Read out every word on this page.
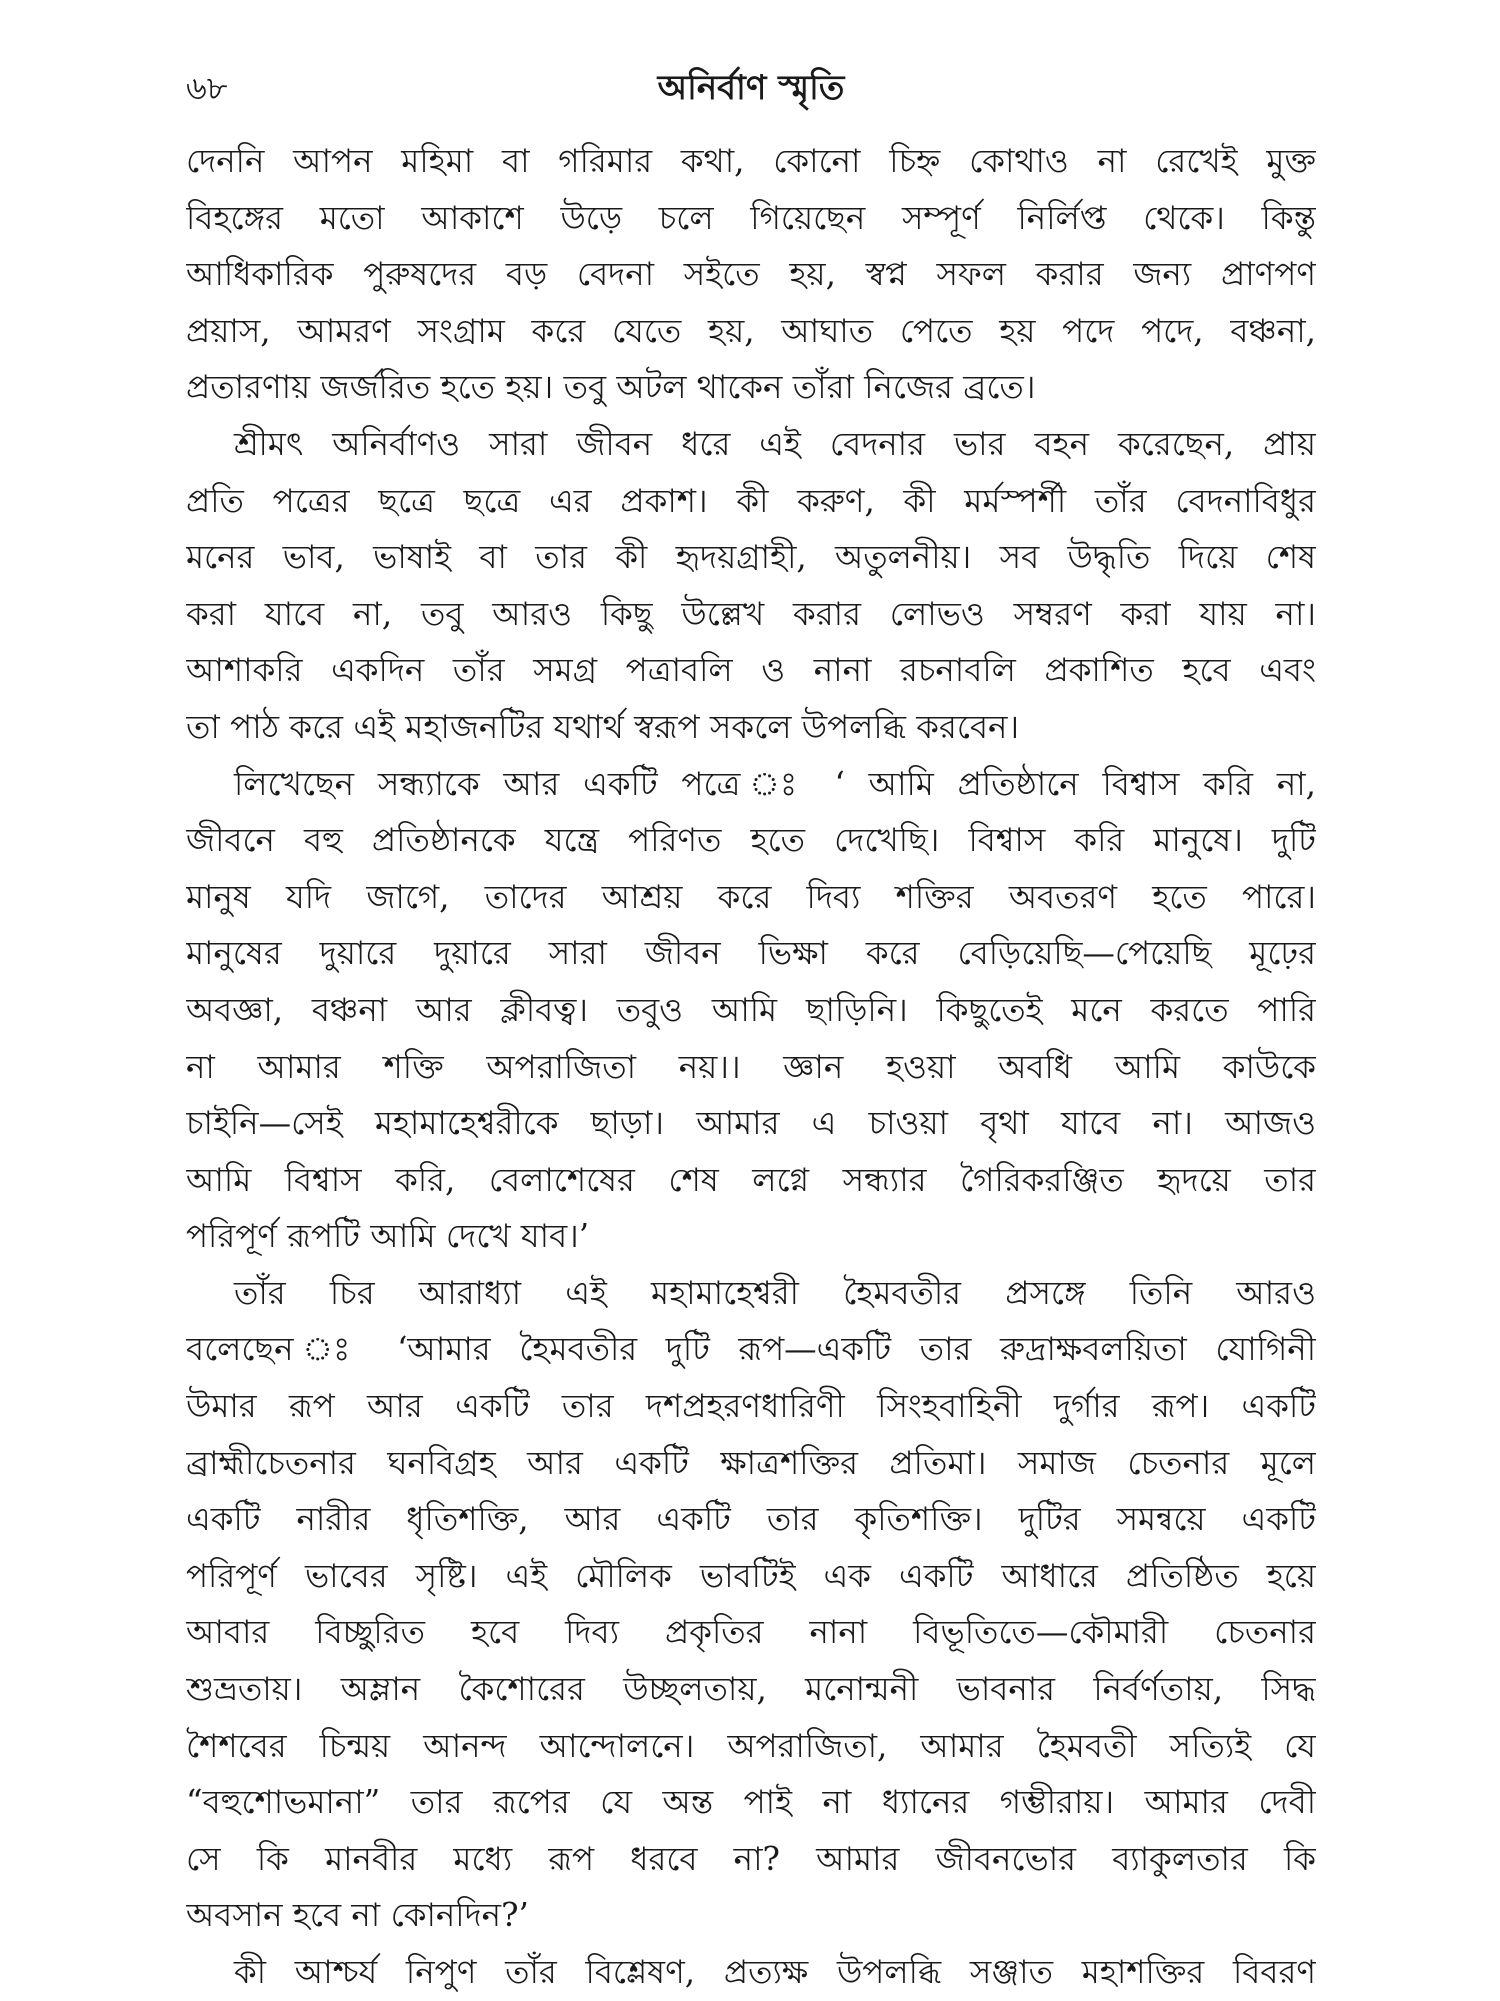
৬৮	অনির্বাণ স্মৃতি
দেননি আপন মহিমা বা গরিমার কথা, কোনো চিহ্ন কোথাও না রেখেই মুক্ত
বিহঙ্গের মতো আকাশে উড়ে চলে গিয়েছেন সম্পূর্ণ নির্লিপ্ত থেকে। কিন্তু
আধিকারিক পুরুষদের বড় বেদনা সইতে হয়, স্বপ্ন সফল করার জন্য প্রাণপণ
প্রয়াস, আমরণ সংগ্রাম করে যেতে হয়, আঘাত পেতে হয় পদে পদে, বঞ্চনা,
প্রতারণায় জর্জরিত হতে হয়। তবু অটল থাকেন তাঁরা নিজের ব্রতে।
শ্রীমৎ অনির্বাণও সারা জীবন ধরে এই বেদনার ভার বহন করেছেন, প্রায়
প্রতি পত্রের ছত্রে ছত্রে এর প্রকাশ। কী করুণ, কী মর্মস্পর্শী তাঁর বেদনাবিধুর
মনের ভাব, ভাষাই বা তার কী হৃদয়গ্রাহী, অতুলনীয়। সব উদ্ধৃতি দিয়ে শেষ
করা যাবে না, তবু আরও কিছু উল্লেখ করার লোভও সম্বরণ করা যায় না।
আশাকরি একদিন তাঁর সমগ্র পত্রাবলি ও নানা রচনাবলি প্রকাশিত হবে এবং
তা পাঠ করে এই মহাজনটির যথার্থ স্বরূপ সকলে উপলব্ধি করবেন।
লিখেছেন সন্ধ্যাকে আর একটি পত্রে ঃ ‘ আমি প্রতিষ্ঠানে বিশ্বাস করি না,
জীবনে বহু প্রতিষ্ঠানকে যন্ত্রে পরিণত হতে দেখেছি। বিশ্বাস করি মানুষে। দুটি
মানুষ যদি জাগে, তাদের আশ্রয় করে দিব্য শক্তির অবতরণ হতে পারে।
মানুষের দুয়ারে দুয়ারে সারা জীবন ভিক্ষা করে বেড়িয়েছি—পেয়েছি মূঢ়ের
অবজ্ঞা, বঞ্চনা আর ক্লীবত্ব। তবুও আমি ছাড়িনি। কিছুতেই মনে করতে পারি
না আমার শক্তি অপরাজিতা নয়।। জ্ঞান হওয়া অবধি আমি কাউকে
চাইনি—সেই মহামাহেশ্বরীকে ছাড়া। আমার এ চাওয়া বৃথা যাবে না। আজও
আমি বিশ্বাস করি, বেলাশেষের শেষ লগ্নে সন্ধ্যার গৈরিকরঞ্জিত হৃদয়ে তার
পরিপূর্ণ রূপটি আমি দেখে যাব।’
তাঁর চির আরাধ্যা এই মহামাহেশ্বরী হৈমবতীর প্রসঙ্গে তিনি আরও
বলেছেন ঃ ‘আমার হৈমবতীর দুটি রূপ—একটি তার রুদ্রাক্ষবলয়িতা যোগিনী
উমার রূপ আর একটি তার দশপ্রহরণধারিণী সিংহবাহিনী দুর্গার রূপ। একটি
ব্রাহ্মীচেতনার ঘনবিগ্রহ আর একটি ক্ষাত্রশক্তির প্রতিমা। সমাজ চেতনার মূলে
একটি নারীর ধৃতিশক্তি, আর একটি তার কৃতিশক্তি। দুটির সমন্বয়ে একটি
পরিপূর্ণ ভাবের সৃষ্টি। এই মৌলিক ভাবটিই এক একটি আধারে প্রতিষ্ঠিত হয়ে
আবার বিচ্ছুরিত হবে দিব্য প্রকৃতির নানা বিভূতিতে—কৌমারী চেতনার
শুভ্রতায়। অম্লান কৈশোরের উচ্ছলতায়, মনোন্মনী ভাবনার নির্বর্ণতায়, সিদ্ধ
শৈশবের চিন্ময় আনন্দ আন্দোলনে। অপরাজিতা, আমার হৈমবতী সত্যিই যে
“বহুশোভমানা” তার রূপের যে অন্ত পাই না ধ্যানের গম্ভীরায়। আমার দেবী
সে কি মানবীর মধ্যে রূপ ধরবে না? আমার জীবনভোর ব্যাকুলতার কি
অবসান হবে না কোনদিন?’
কী আশ্চর্য নিপুণ তাঁর বিশ্লেষণ, প্রত্যক্ষ উপলব্ধি সঞ্জাত মহাশক্তির বিবরণ
